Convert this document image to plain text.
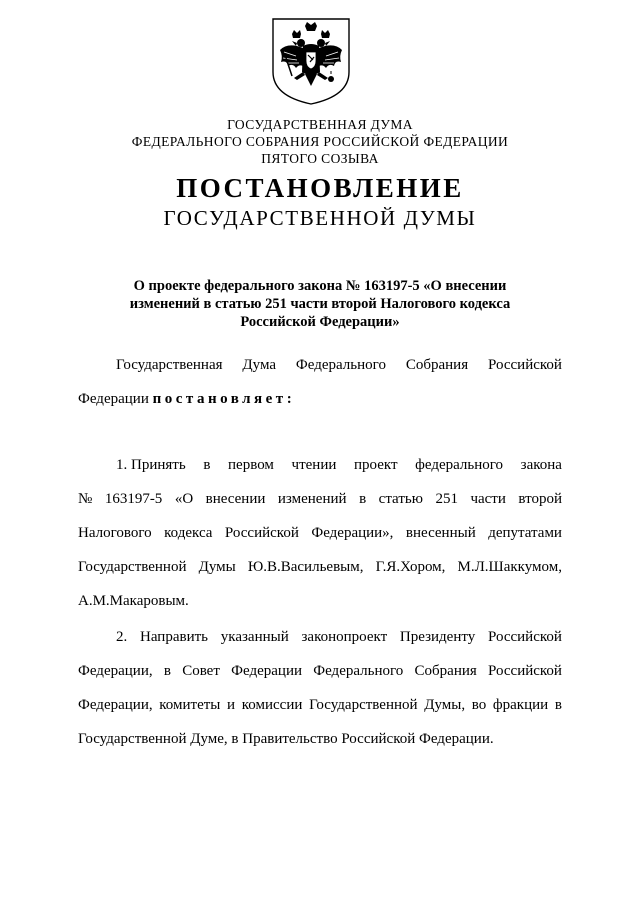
ГОСУДАРСТВЕННАЯ ДУМА
ФЕДЕРАЛЬНОГО СОБРАНИЯ РОССИЙСКОЙ ФЕДЕРАЦИИ
ПЯТОГО СОЗЫВА
ПОСТАНОВЛЕНИЕ
ГОСУДАРСТВЕННОЙ ДУМЫ
О проекте федерального закона № 163197-5 «О внесении
изменений в статью 251 части второй Налогового кодекса
Российской Федерации»
Государственная Дума Федерального Собрания Российской
Федерации постановляет:
1. Принять в первом чтении проект федерального закона
№ 163197-5 «О внесении изменений в статью 251 части второй
Налогового кодекса Российской Федерации», внесенный депутатами
Государственной Думы Ю.В.Васильевым, Г.Я.Хором, М.Л.Шаккумом,
А.М.Макаровым.
2. Направить указанный законопроект Президенту Российской
Федерации, в Совет Федерации Федерального Собрания Российской
Федерации, комитеты и комиссии Государственной Думы, во фракции в
Государственной Думе, в Правительство Российской Федерации.
